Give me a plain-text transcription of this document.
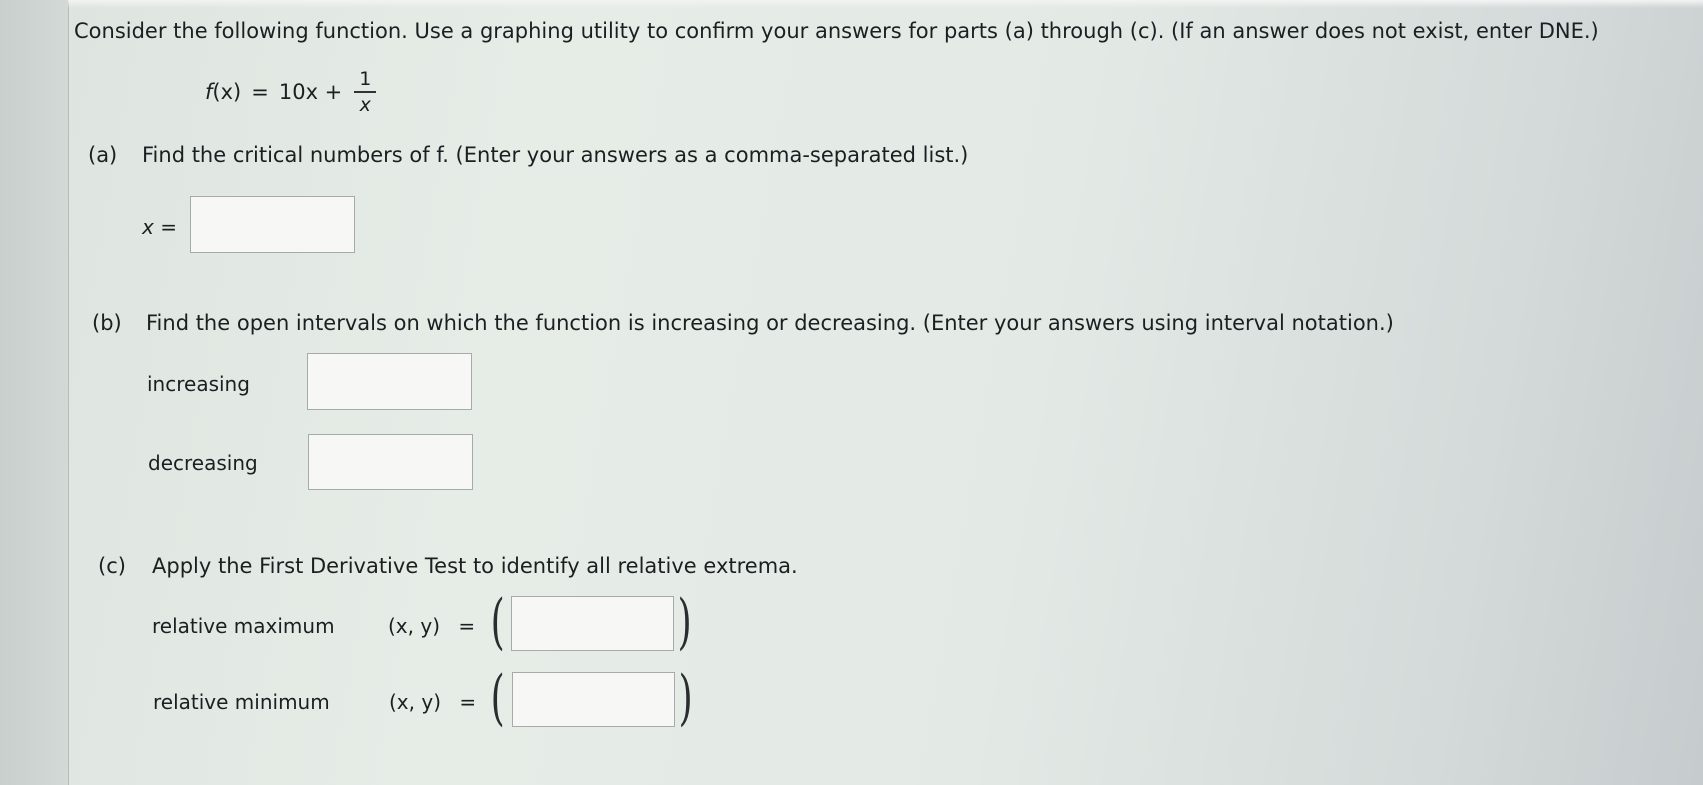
Consider the following function. Use a graphing utility to confirm your answers for parts (a) through (c). (If an answer does not exist, enter DNE.)
f $(x) = 10x + \frac{1}{x}$
(a) Find the critical numbers of f. (Enter your answers as a comma-separated list.)
x =
(b) Find the open intervals on which the function is increasing or decreasing. (Enter your answers using interval notation.)
increasing
decreasing
(c) Apply the First Derivative Test to identify all relative extrema.
relative maximum	(x, y) = (	)
relative minimum	(x, y) = (	)
